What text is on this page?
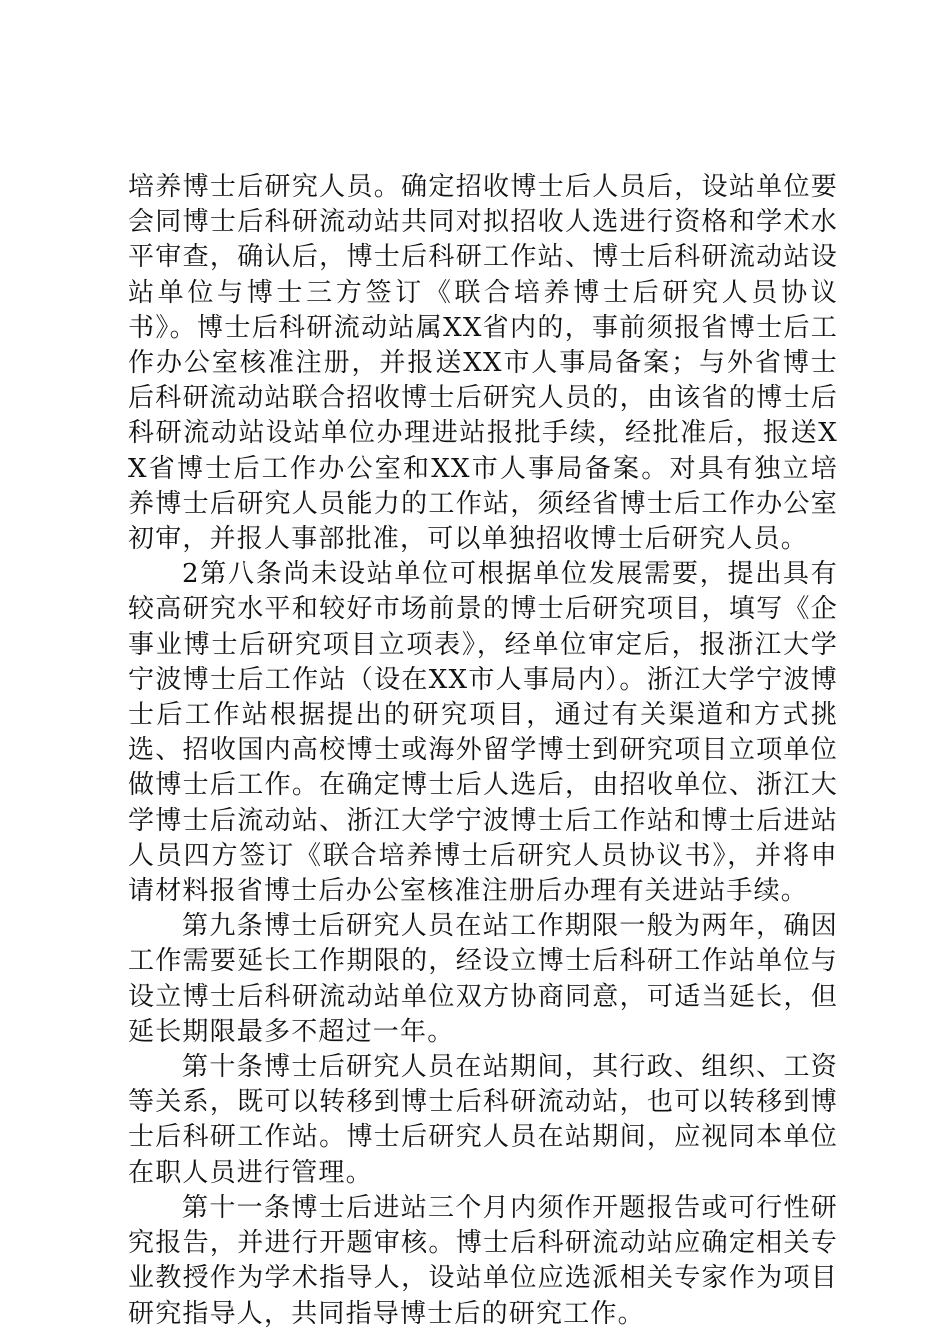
培养博士后研究人员。确定招收博士后人员后，设站单位要会同博士后科研流动站共同对拟招收人选进行资格和学术水平审查，确认后，博士后科研工作站、博士后科研流动站设站单位与博士三方签订《联合培养博士后研究人员协议书》。博士后科研流动站属XX省内的，事前须报省博士后工作办公室核准注册，并报送XX市人事局备案；与外省博士后科研流动站联合招收博士后研究人员的，由该省的博士后科研流动站设站单位办理进站报批手续，经批准后，报送XX省博士后工作办公室和XX市人事局备案。对具有独立培养博士后研究人员能力的工作站，须经省博士后工作办公室初审，并报人事部批准，可以单独招收博士后研究人员。

2第八条尚未设站单位可根据单位发展需要，提出具有较高研究水平和较好市场前景的博士后研究项目，填写《企事业博士后研究项目立项表》，经单位审定后，报浙江大学宁波博士后工作站（设在XX市人事局内）。浙江大学宁波博士后工作站根据提出的研究项目，通过有关渠道和方式挑选、招收国内高校博士或海外留学博士到研究项目立项单位做博士后工作。在确定博士后人选后，由招收单位、浙江大学博士后流动站、浙江大学宁波博士后工作站和博士后进站人员四方签订《联合培养博士后研究人员协议书》，并将申请材料报省博士后办公室核准注册后办理有关进站手续。

第九条博士后研究人员在站工作期限一般为两年，确因工作需要延长工作期限的，经设立博士后科研工作站单位与设立博士后科研流动站单位双方协商同意，可适当延长，但延长期限最多不超过一年。

第十条博士后研究人员在站期间，其行政、组织、工资等关系，既可以转移到博士后科研流动站，也可以转移到博士后科研工作站。博士后研究人员在站期间，应视同本单位在职人员进行管理。

第十一条博士后进站三个月内须作开题报告或可行性研究报告，并进行开题审核。博士后科研流动站应确定相关专业教授作为学术指导人，设站单位应选派相关专家作为项目研究指导人，共同指导博士后的研究工作。
